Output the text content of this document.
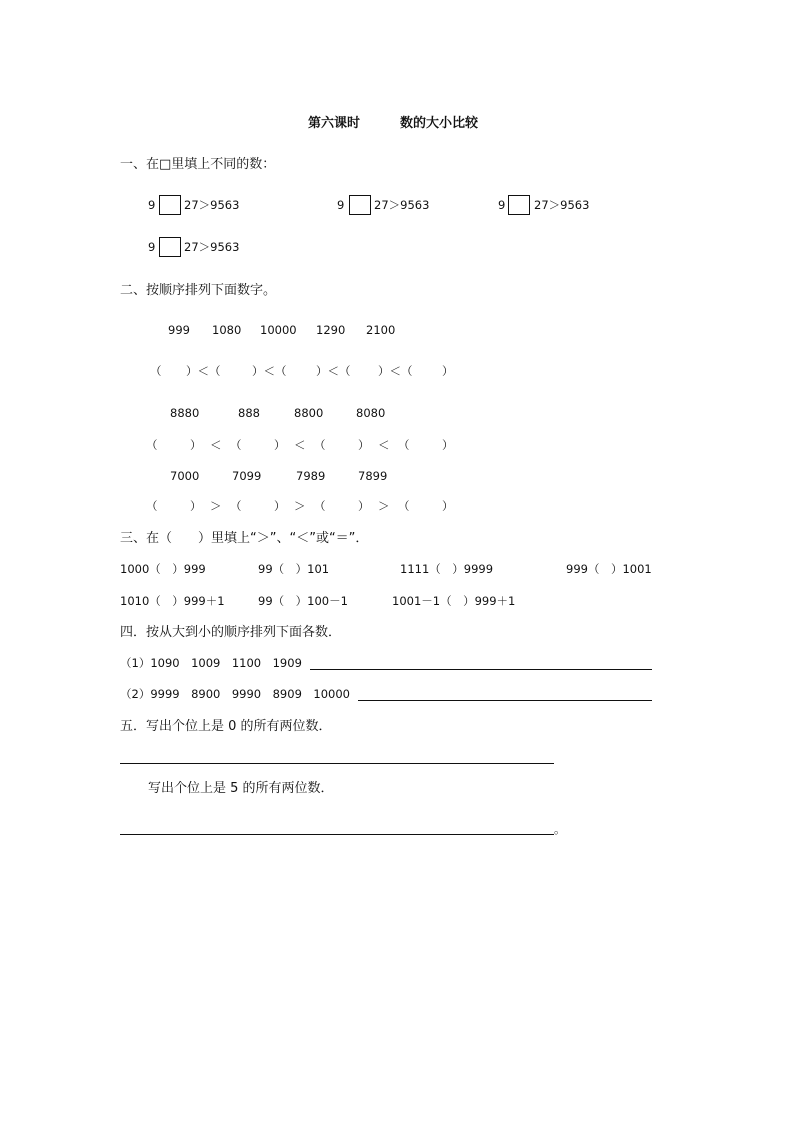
第六课时	数的大小比较
一、在□里填上不同的数：
9 27＞9563	9	27＞9563	9 27＞9563
9 27＞9563
二、按顺序排列下面数字。
999 1080 10000 1290 2100
（ ）＜（	）＜（	）＜（ ）＜（	）
8880	888	8800	8080
（	） ＜ （	） ＜ （	） ＜ （	）
7000	7099	7989	7899
（	） ＞ （	） ＞ （	） ＞ （	）
三、在（　　）里填上“＞”、“＜”或“＝”．
1000（　）999	99（　）101	1111（　）9999	999（　）1001
1010（　）999＋1	99（　）100－1	1001－1（　）999＋1
四．按从大到小的顺序排列下面各数．
（1）1090　1009　1100　1909
（2）9999　8900　9990　8909　10000
五．写出个位上是 0 的所有两位数．
写出个位上是 5 的所有两位数．
。
